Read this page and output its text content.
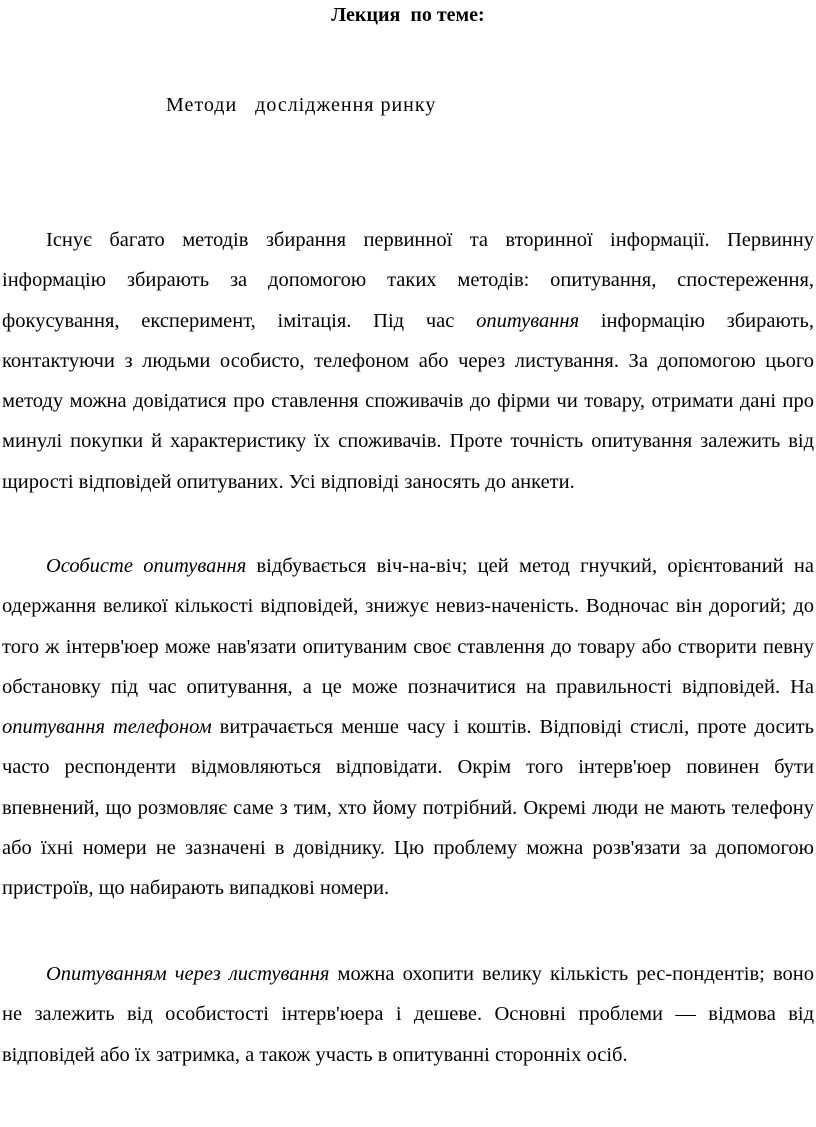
Лекция  по теме:
Методи   дослідження ринку

Існує багато методів збирання первинної та вторинної інформації. Первинну інформацію збирають за допомогою таких методів: опитування, спостереження, фокусування, експеримент, імітація. Під час опитування інформацію збирають, контактуючи з людьми особисто, телефоном або через листування. За допомогою цього методу можна довідатися про ставлення споживачів до фірми чи товару, отримати дані про минулі покупки й характеристику їх споживачів. Проте точність опитування залежить від щирості відповідей опитуваних. Усі відповіді заносять до анкети.

Особисте опитування відбувається віч-на-віч; цей метод гнучкий, орієнтований на одержання великої кількості відповідей, знижує невиз-наченість. Водночас він дорогий; до того ж інтерв'юер може нав'язати опитуваним своє ставлення до товару або створити певну обстановку під час опитування, а це може позначитися на правильності відповідей. На опитування телефоном витрачається менше часу і коштів. Відповіді стислі, проте досить часто респонденти відмовляються відповідати. Окрім того інтерв'юер повинен бути впевнений, що розмовляє саме з тим, хто йому потрібний. Окремі люди не мають телефону або їхні номери не зазначені в довіднику. Цю проблему можна розв'язати за допомогою пристроїв, що набирають випадкові номери.

Опитуванням через листування можна охопити велику кількість рес-пондентів; воно не залежить від особистості інтерв'юера і дешеве. Основні проблеми — відмова від відповідей або їх затримка, а також участь в опитуванні сторонніх осіб.
